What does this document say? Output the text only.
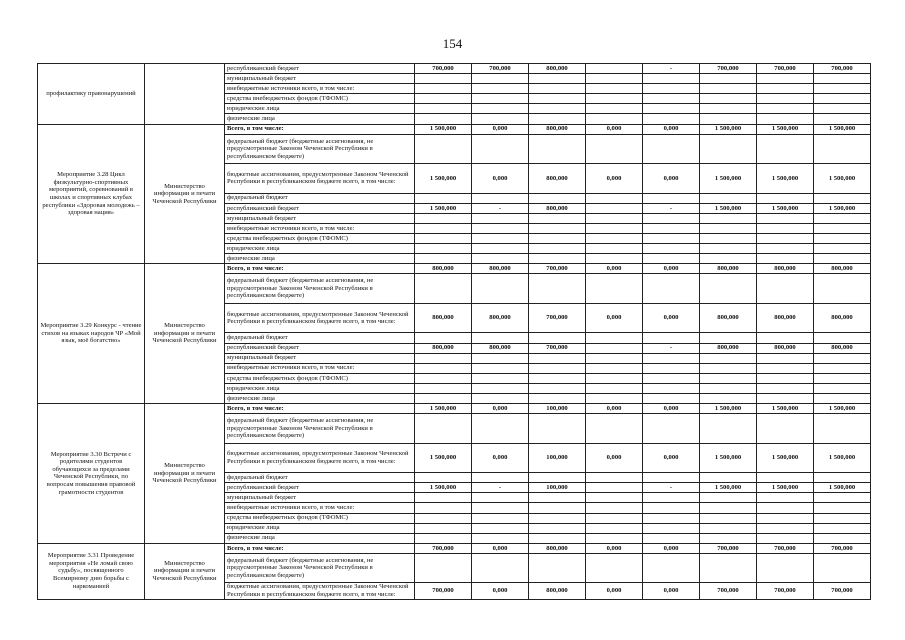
154
профилактику правонарушений		республиканский бюджет	700,000	700,000	800,000		-	700,000	700,000	700,000
		муниципальный бюджет								
		внебюджетные источники всего, в том числе:								
		средства внебюджетных фондов (ТФОМС)								
		юридические лица								
		физические лица								
Мероприятие 3.28 Цикл физкультурно-спортивных мероприятий, соревнований в школах и спортивных клубах республики «Здоровая молодежь – здоровая нация»	Министерство информации и печати Чеченской Республики	Всего, в том числе:	1 500,000	0,000	800,000	0,000	0,000	1 500,000	1 500,000	1 500,000
		федеральный бюджет (бюджетные ассигнования, не предусмотренные Законом Чеченской Республики в республиканском бюджете)								
		бюджетные ассигнования, предусмотренные Законом Чеченской Республики в республиканском бюджете всего, в том числе:	1 500,000	0,000	800,000	0,000	0,000	1 500,000	1 500,000	1 500,000
		федеральный бюджет								
		республиканский бюджет	1 500,000	-	800,000		-	1 500,000	1 500,000	1 500,000
		муниципальный бюджет								
		внебюджетные источники всего, в том числе:								
		средства внебюджетных фондов (ТФОМС)								
		юридические лица								
		физические лица								
Мероприятие 3.29 Конкурс - чтение стихов на языках народов ЧР «Мой язык, моё богатство»	Министерство информации и печати Чеченской Республики	Всего, в том числе:	800,000	800,000	700,000	0,000	0,000	800,000	800,000	800,000
		федеральный бюджет (бюджетные ассигнования, не предусмотренные Законом Чеченской Республики в республиканском бюджете)								
		бюджетные ассигнования, предусмотренные Законом Чеченской Республики в республиканском бюджете всего, в том числе:	800,000	800,000	700,000	0,000	0,000	800,000	800,000	800,000
		федеральный бюджет								
		республиканский бюджет	800,000	800,000	700,000		-	800,000	800,000	800,000
		муниципальный бюджет								
		внебюджетные источники всего, в том числе:								
		средства внебюджетных фондов (ТФОМС)								
		юридические лица								
		физические лица								
Мероприятие 3.30 Встречи с родителями студентов обучающихся за пределами Чеченской Республики, по вопросам повышения правовой грамотности студентов	Министерство информации и печати Чеченской Республики	Всего, в том числе:	1 500,000	0,000	100,000	0,000	0,000	1 500,000	1 500,000	1 500,000
		федеральный бюджет (бюджетные ассигнования, не предусмотренные Законом Чеченской Республики в республиканском бюджете)								
		бюджетные ассигнования, предусмотренные Законом Чеченской Республики в республиканском бюджете всего, в том числе:	1 500,000	0,000	100,000	0,000	0,000	1 500,000	1 500,000	1 500,000
		федеральный бюджет								
		республиканский бюджет	1 500,000	-	100,000		-	1 500,000	1 500,000	1 500,000
		муниципальный бюджет								
		внебюджетные источники всего, в том числе:								
		средства внебюджетных фондов (ТФОМС)								
		юридические лица								
		физические лица								
Мероприятие 3.31 Проведение мероприятия «Не ломай свою судьбу», посвященного Всемирному дню борьбы с наркоманией	Министерство информации и печати Чеченской Республики	Всего, в том числе:	700,000	0,000	800,000	0,000	0,000	700,000	700,000	700,000
		федеральный бюджет (бюджетные ассигнования, не предусмотренные Законом Чеченской Республики в республиканском бюджете)								
		бюджетные ассигнования, предусмотренные Законом Чеченской Республики в республиканском бюджете всего, в том числе:	700,000	0,000	800,000	0,000	0,000	700,000	700,000	700,000
